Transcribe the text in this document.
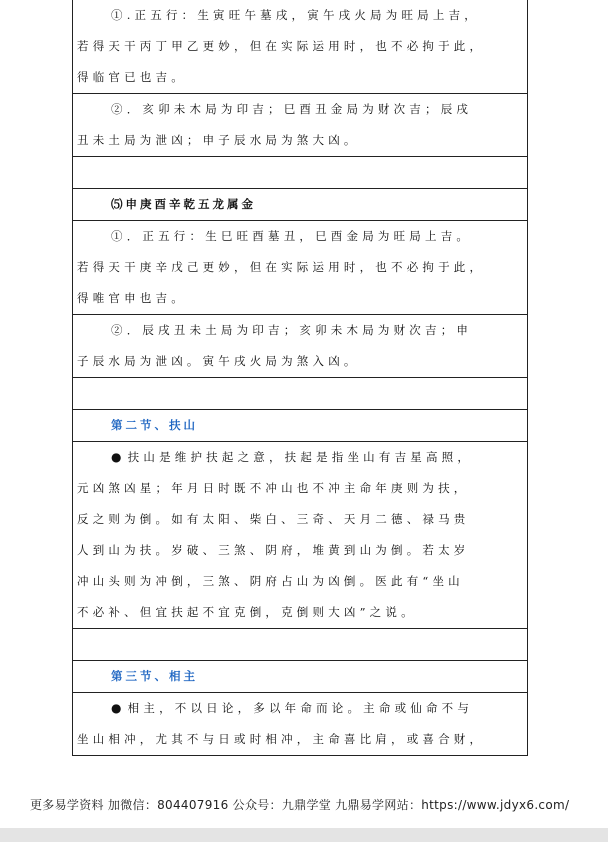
①.正五行：生寅旺午墓戌，寅午戌火局为旺局上吉，
若得天干丙丁甲乙更妙，但在实际运用时，也不必拘于此，
得临官已也吉。
②．亥卯未木局为印吉；巳酉丑金局为财次吉；辰戌
丑未土局为泄凶；申子辰水局为煞大凶。
⑸申庚酉辛乾五龙属金
①．正五行：生巳旺酉墓丑，巳酉金局为旺局上吉。
若得天干庚辛戊己更妙，但在实际运用时，也不必拘于此，
得唯官申也吉。
②．辰戌丑未土局为印吉；亥卯未木局为财次吉；申
子辰水局为泄凶。寅午戌火局为煞入凶。
第二节、扶山
● 扶山是维护扶起之意，扶起是指坐山有吉星高照，
元凶煞凶星；年月日时既不冲山也不冲主命年庚则为扶，
反之则为倒。如有太阳、柴白、三奇、天月二德、禄马贵
人到山为扶。岁破、三煞、阴府，堆黄到山为倒。若太岁
冲山头则为冲倒，三煞、阴府占山为凶倒。医此有“坐山
不必补、但宜扶起不宜克倒，克倒则大凶”之说。
第三节、相主
● 相主，不以日论，多以年命而论。主命或仙命不与
坐山相冲，尤其不与日或时相冲，主命喜比肩，或喜合财，
更多易学资料 加微信：804407916 公众号：九鼎学堂 九鼎易学网站：https://www.jdyx6.com/
